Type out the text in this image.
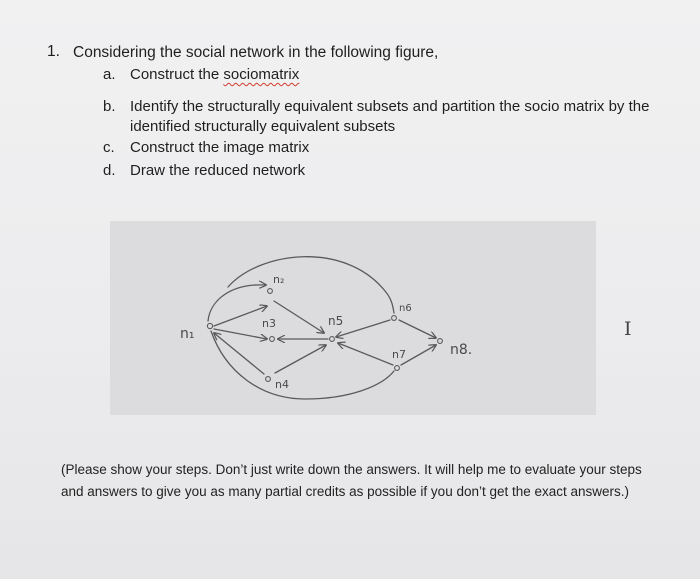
1. Considering the social network in the following figure,
a. Construct the sociomatrix
b. Identify the structurally equivalent subsets and partition the socio matrix by the
identified structurally equivalent subsets
c. Construct the image matrix
d. Draw the reduced network
n₁
n₂
n3
n4
n5
n6
n7	n8.
I
(Please show your steps. Don’t just write down the answers. It will help me to evaluate your steps
and answers to give you as many partial credits as possible if you don’t get the exact answers.)
